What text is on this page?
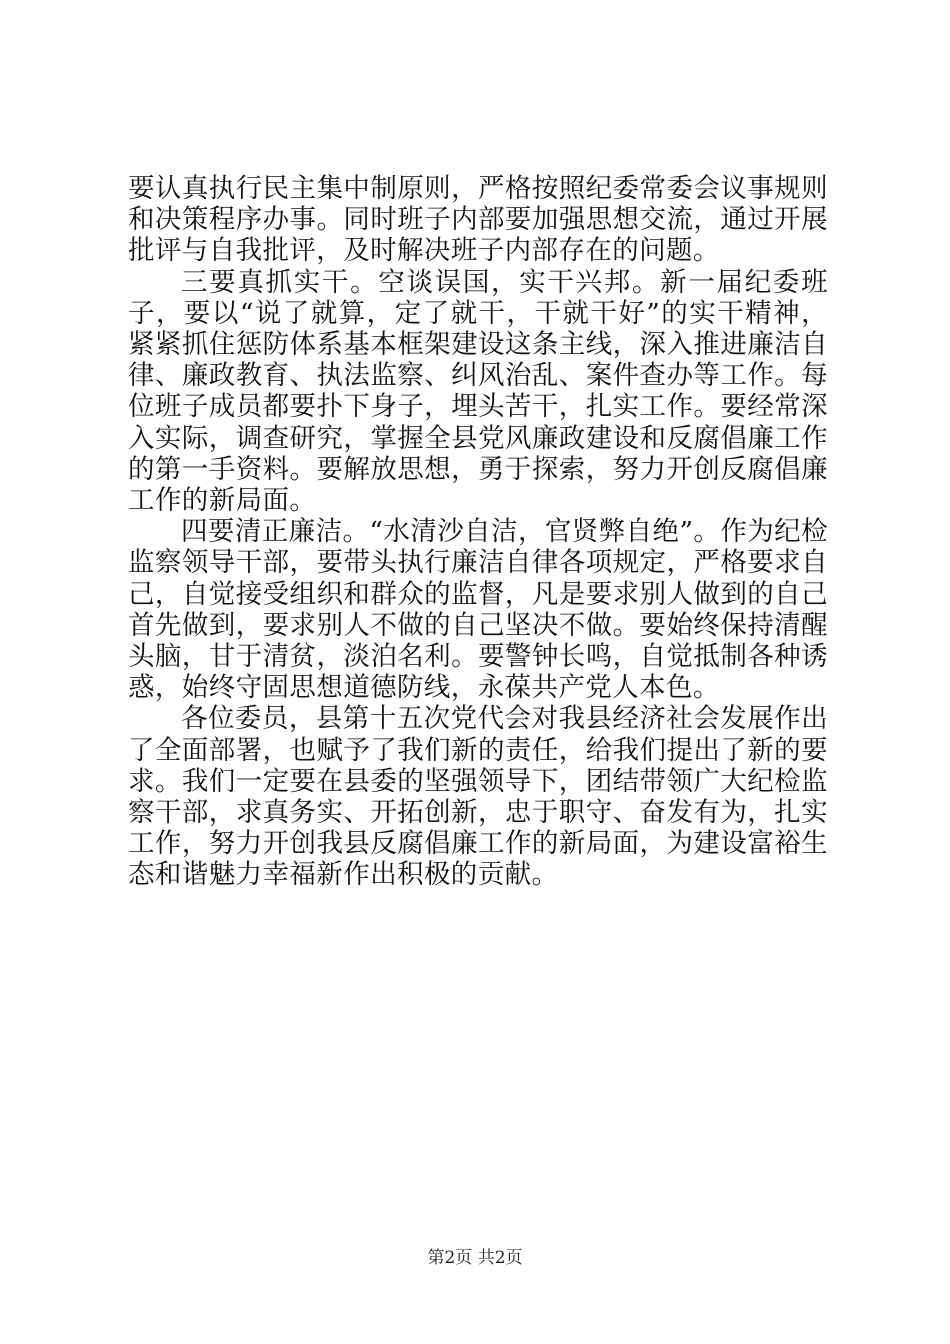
要认真执行民主集中制原则，严格按照纪委常委会议事规则和决策程序办事。同时班子内部要加强思想交流，通过开展批评与自我批评，及时解决班子内部存在的问题。

三要真抓实干。空谈误国，实干兴邦。新一届纪委班子，要以“说了就算，定了就干，干就干好”的实干精神，紧紧抓住惩防体系基本框架建设这条主线，深入推进廉洁自律、廉政教育、执法监察、纠风治乱、案件查办等工作。每位班子成员都要扑下身子，埋头苦干，扎实工作。要经常深入实际，调查研究，掌握全县党风廉政建设和反腐倡廉工作的第一手资料。要解放思想，勇于探索，努力开创反腐倡廉工作的新局面。

四要清正廉洁。“水清沙自洁，官贤弊自绝”。作为纪检监察领导干部，要带头执行廉洁自律各项规定，严格要求自己，自觉接受组织和群众的监督，凡是要求别人做到的自己首先做到，要求别人不做的自己坚决不做。要始终保持清醒头脑，甘于清贫，淡泊名利。要警钟长鸣，自觉抵制各种诱惑，始终守固思想道德防线，永葆共产党人本色。

各位委员，县第十五次党代会对我县经济社会发展作出了全面部署，也赋予了我们新的责任，给我们提出了新的要求。我们一定要在县委的坚强领导下，团结带领广大纪检监察干部，求真务实、开拓创新，忠于职守、奋发有为，扎实工作，努力开创我县反腐倡廉工作的新局面，为建设富裕生态和谐魅力幸福新作出积极的贡献。

第2页 共2页
